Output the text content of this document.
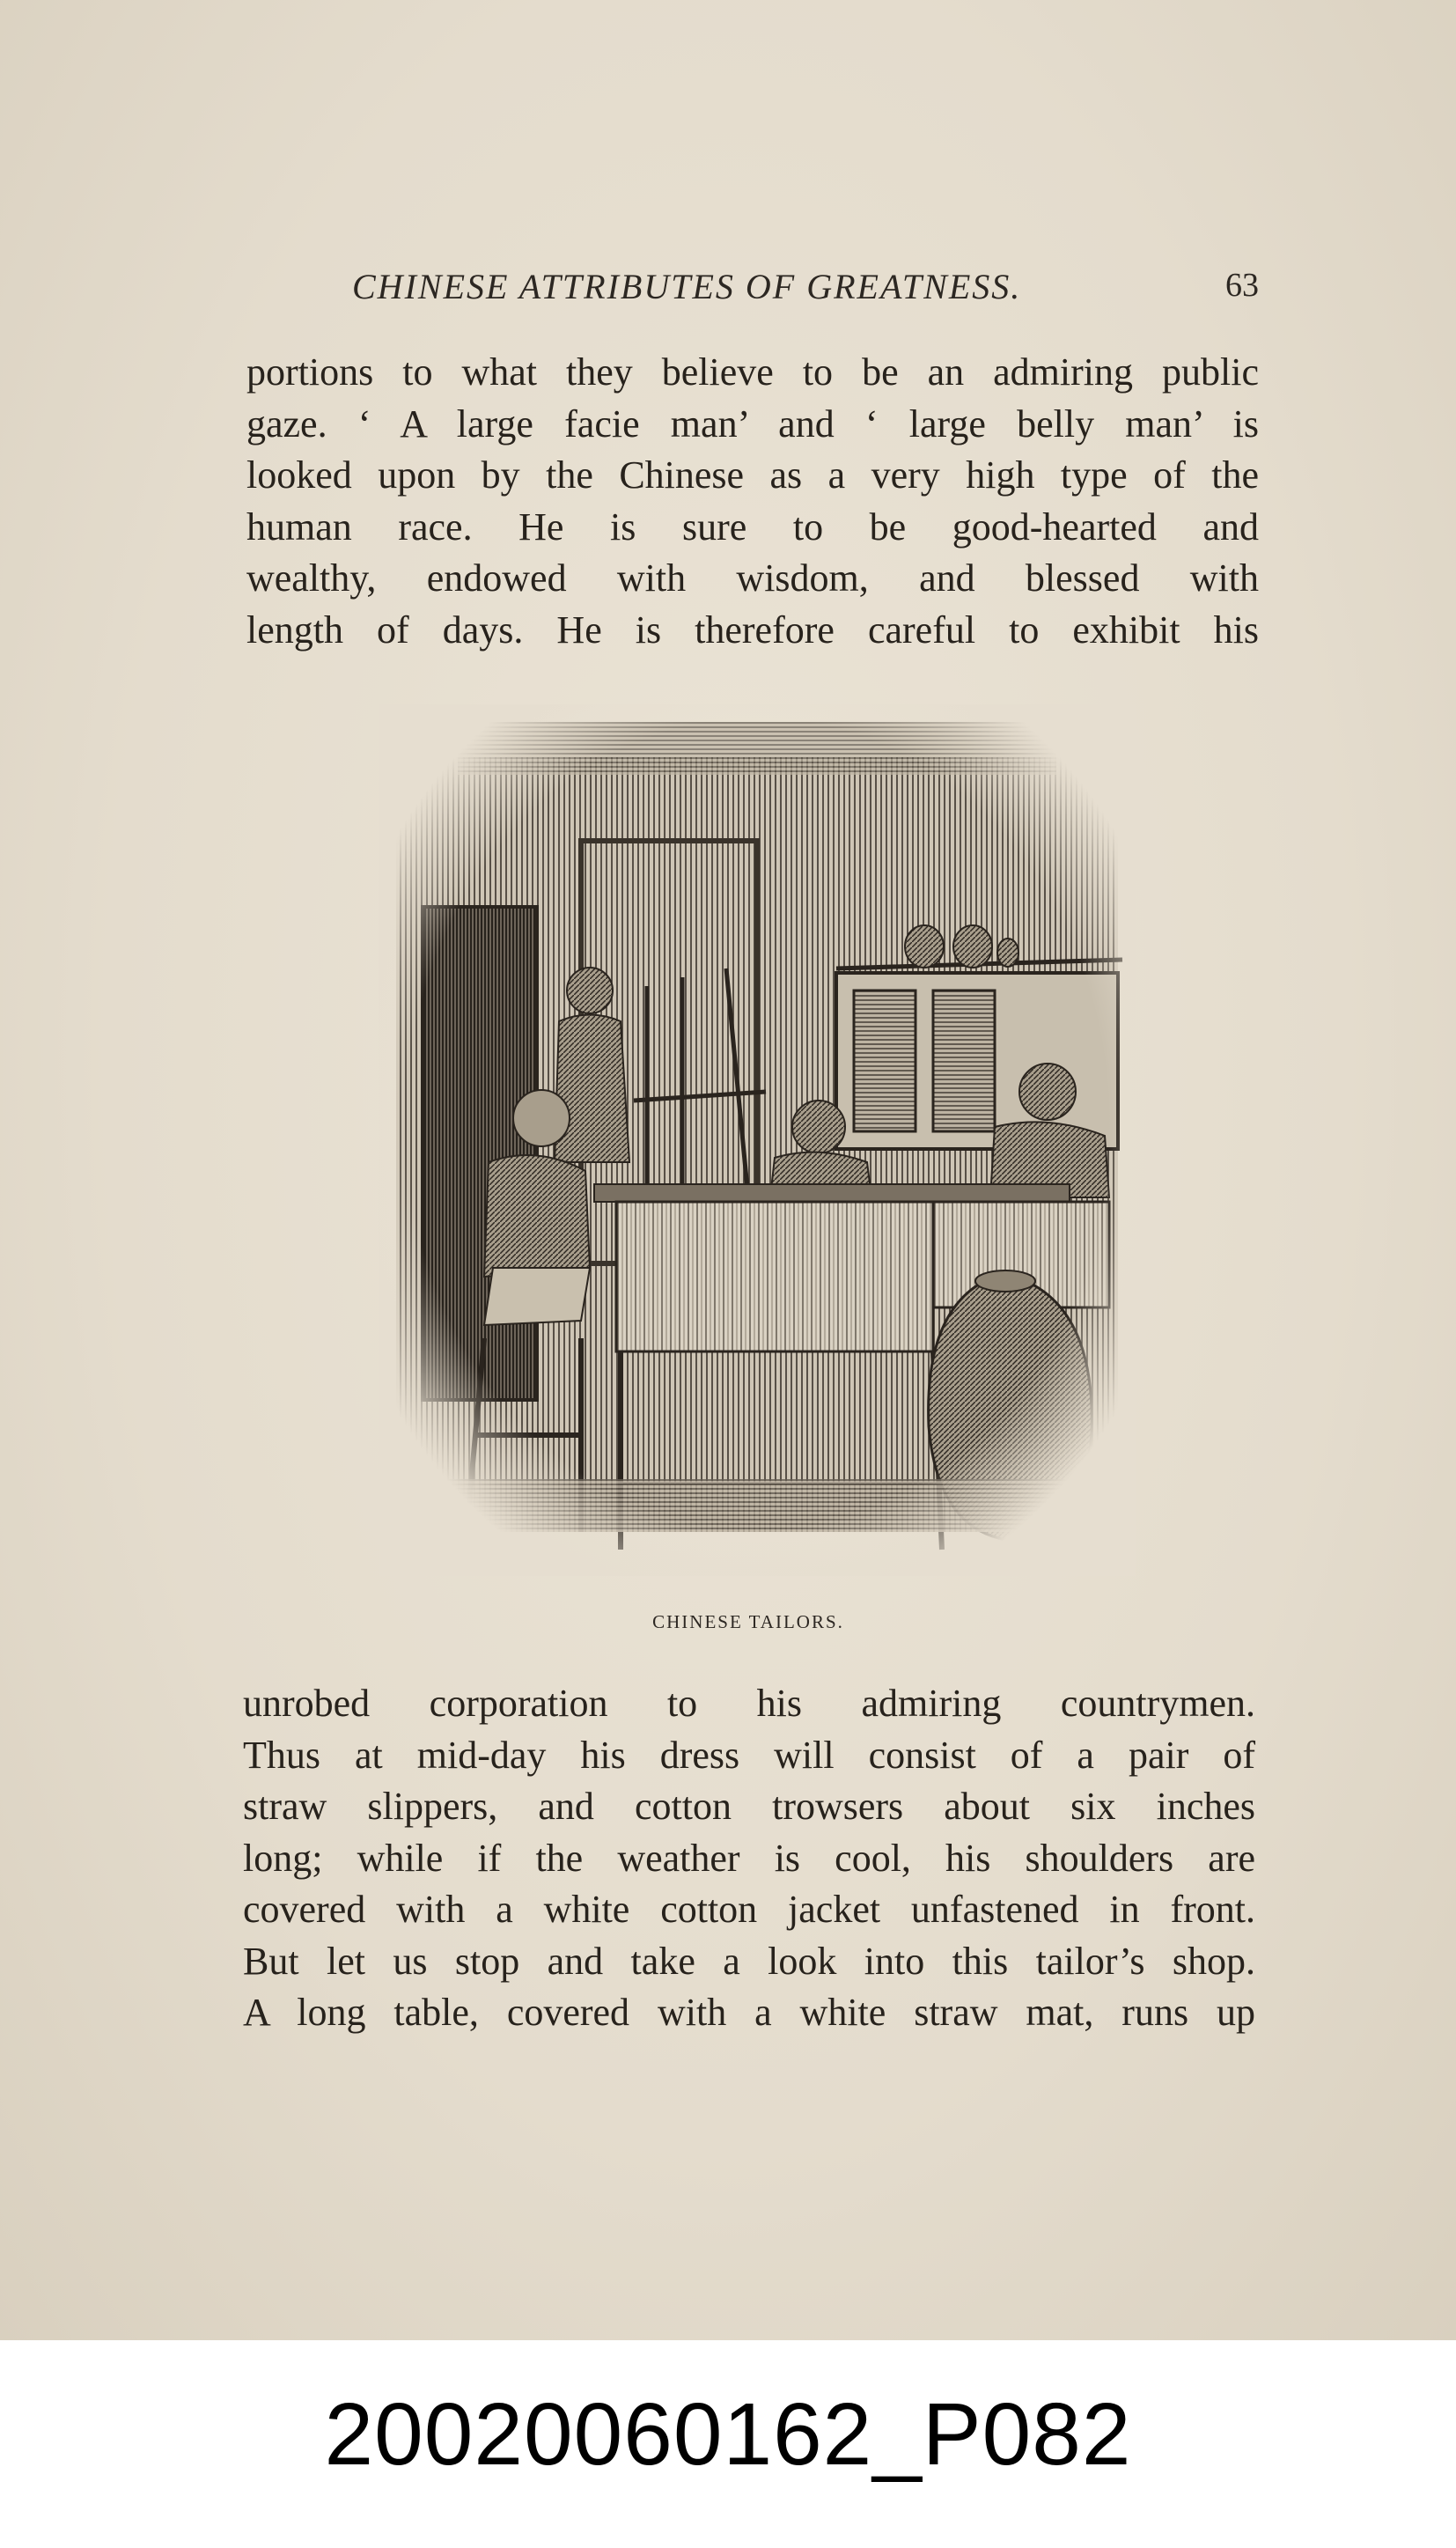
CHINESE ATTRIBUTES OF GREATNESS.	63
portions to what they believe to be an admiring public
gaze. ‘ A large facie man’ and ‘ large belly man’ is
looked upon by the Chinese as a very high type of the
human race. He is sure to be good-hearted and
wealthy, endowed with wisdom, and blessed with
length of days. He is therefore careful to exhibit his
CHINESE TAILORS.
unrobed corporation to his admiring countrymen.
Thus at mid-day his dress will consist of a pair of
straw slippers, and cotton trowsers about six inches
long; while if the weather is cool, his shoulders are
covered with a white cotton jacket unfastened in front.
But let us stop and take a look into this tailor’s shop.
A long table, covered with a white straw mat, runs up
20020060162_P082
